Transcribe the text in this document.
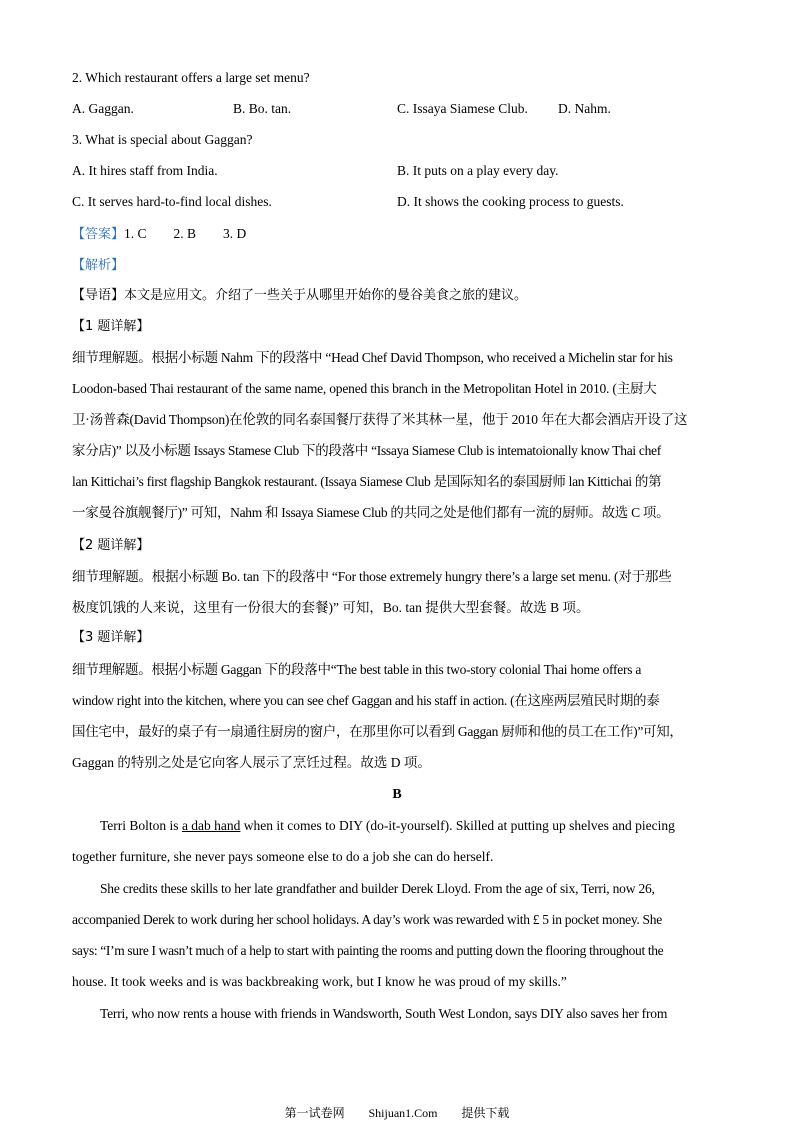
2. Which restaurant offers a large set menu?
A. Gaggan.	B. Bo. tan.	C. Issaya Siamese Club. D. Nahm.
3. What is special about Gaggan?
A. It hires staff from India.	B. It puts on a play every day.
C. It serves hard-to-find local dishes.	D. It shows the cooking process to guests.
【答案】1. C        2. B        3. D
【解析】
【导语】本文是应用文。介绍了一些关于从哪里开始你的曼谷美食之旅的建议。
【1 题详解】
细节理解题。根据小标题 Nahm 下的段落中 “Head Chef David Thompson, who received a Michelin star for his
Loodon-based Thai restaurant of the same name, opened this branch in the Metropolitan Hotel in 2010. (主厨大
卫·汤普森(David Thompson)在伦敦的同名泰国餐厅获得了米其林一星，他于 2010 年在大都会酒店开设了这
家分店)” 以及小标题 Issays Stamese Club 下的段落中 “Issaya Siamese Club is intematoionally know Thai chef
lan Kittichai’s first flagship Bangkok restaurant. (Issaya Siamese Club 是国际知名的泰国厨师 lan Kittichai 的第
一家曼谷旗舰餐厅)” 可知，Nahm 和 Issaya Siamese Club 的共同之处是他们都有一流的厨师。故选 C 项。
【2 题详解】
细节理解题。根据小标题 Bo. tan 下的段落中 “For those extremely hungry there’s a large set menu. (对于那些
极度饥饿的人来说，这里有一份很大的套餐)” 可知，Bo. tan 提供大型套餐。故选 B 项。
【3 题详解】
细节理解题。根据小标题 Gaggan 下的段落中“The best table in this two-story colonial Thai home offers a
window right into the kitchen, where you can see chef Gaggan and his staff in action. (在这座两层殖民时期的泰
国住宅中，最好的桌子有一扇通往厨房的窗户，在那里你可以看到 Gaggan 厨师和他的员工在工作)”可知，
Gaggan 的特别之处是它向客人展示了烹饪过程。故选 D 项。
B
Terri Bolton is a dab hand when it comes to DIY (do-it-yourself). Skilled at putting up shelves and piecing
together furniture, she never pays someone else to do a job she can do herself.
She credits these skills to her late grandfather and builder Derek Lloyd. From the age of six, Terri, now 26,
accompanied Derek to work during her school holidays. A day’s work was rewarded with £ 5 in pocket money. She
says: “I’m sure I wasn’t much of a help to start with painting the rooms and putting down the flooring throughout the
house. It took weeks and is was backbreaking work, but I know he was proud of my skills.”
Terri, who now rents a house with friends in Wandsworth, South West London, says DIY also saves her from
第一试卷网 Shijuan1.Com 提供下载
